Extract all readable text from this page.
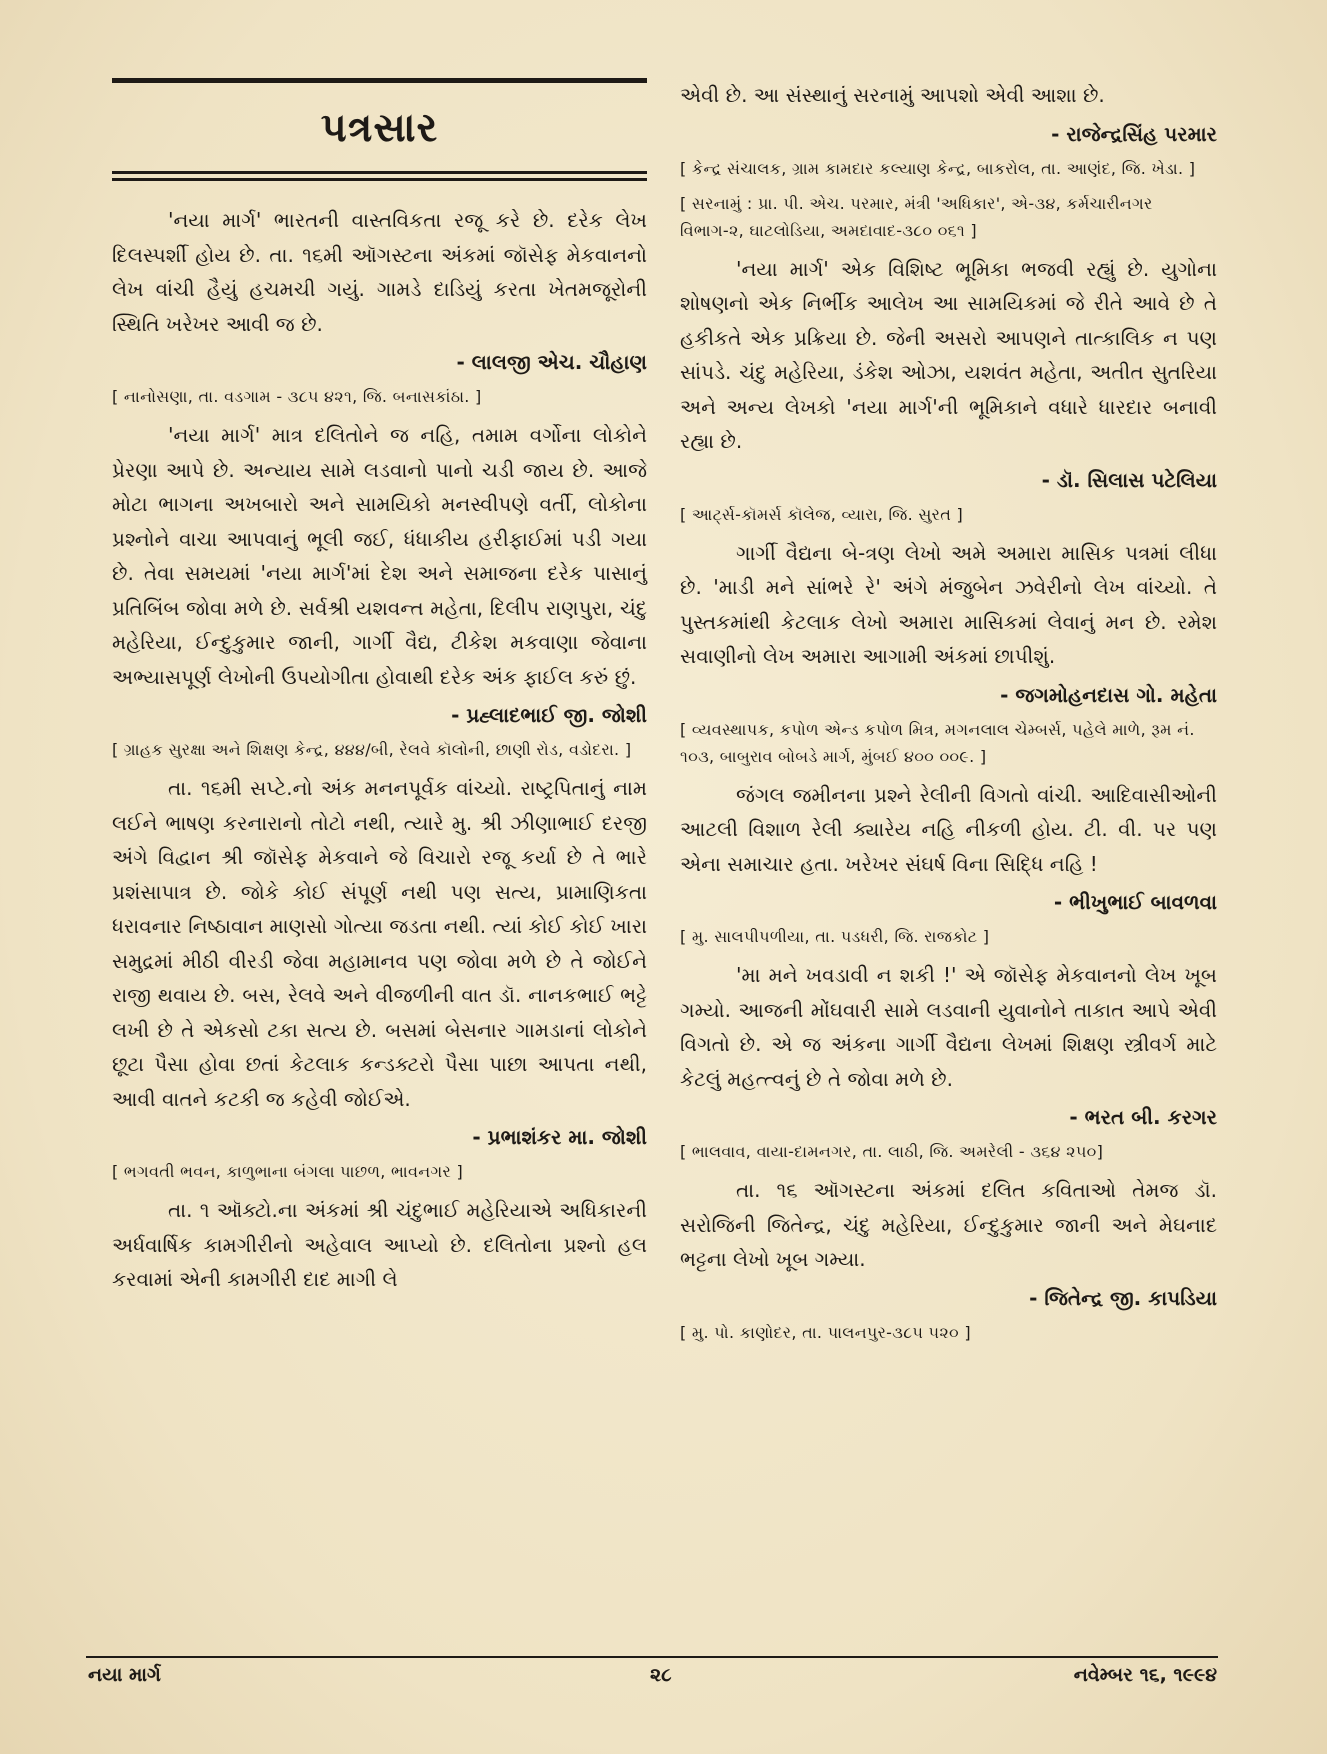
પત્રસાર

'નયા માર્ગ' ભારતની વાસ્તવિકતા રજૂ કરે છે. દરેક લેખ દિલસ્પર્શી હોય છે. તા. ૧૬મી ઑગસ્ટના અંકમાં જૉસેફ મેકવાનનો લેખ વાંચી હૈયું હચમચી ગયું. ગામડે દાડિયું કરતા ખેતમજૂરોની સ્થિતિ ખરેખર આવી જ છે.

- લાલજી એચ. ચૌહાણ
[ નાનોસણા, તા. વડગામ - ૩૮૫ ૪૨૧, જિ. બનાસકાંઠા. ]

'નયા માર્ગ' માત્ર દલિતોને જ નહિ, તમામ વર્ગોના લોકોને પ્રેરણા આપે છે. અન્યાય સામે લડવાનો પાનો ચડી જાય છે. આજે મોટા ભાગના અખબારો અને સામયિકો મનસ્વીપણે વર્તી, લોકોના પ્રશ્નોને વાચા આપવાનું ભૂલી જઈ, ધંધાકીય હરીફાઈમાં પડી ગયા છે. તેવા સમયમાં 'નયા માર્ગ'માં દેશ અને સમાજના દરેક પાસાનું પ્રતિબિંબ જોવા મળે છે. સર્વશ્રી યશવન્ત મહેતા, દિલીપ રાણપુરા, ચંદુ મહેરિયા, ઈન્દુકુમાર જાની, ગાર્ગી વૈદ્ય, ટીકેશ મકવાણા જેવાના અભ્યાસપૂર્ણ લેખોની ઉપયોગીતા હોવાથી દરેક અંક ફાઈલ કરું છું.

- પ્રહ્લાદભાઈ જી. જોશી
[ ગ્રાહક સુરક્ષા અને શિક્ષણ કેન્દ્ર, ૪૪૪/બી, રેલવે કૉલોની, છાણી રોડ, વડોદરા. ]

તા. ૧૬મી સપ્ટે.નો અંક મનનપૂર્વક વાંચ્યો. રાષ્ટ્રપિતાનું નામ લઈને ભાષણ કરનારાનો તોટો નથી, ત્યારે મુ. શ્રી ઝીણાભાઈ દરજી અંગે વિદ્વાન શ્રી જૉસેફ મેકવાને જે વિચારો રજૂ કર્યા છે તે ભારે પ્રશંસાપાત્ર છે. જોકે કોઈ સંપૂર્ણ નથી પણ સત્ય, પ્રામાણિકતા ધરાવનાર નિષ્ઠાવાન માણસો ગોત્યા જડતા નથી. ત્યાં કોઈ કોઈ ખારા સમુદ્રમાં મીઠી વીરડી જેવા મહામાનવ પણ જોવા મળે છે તે જોઈને રાજી થવાય છે. બસ, રેલવે અને વીજળીની વાત ડૉ. નાનકભાઈ ભટ્ટે લખી છે તે એકસો ટકા સત્ય છે. બસમાં બેસનાર ગામડાનાં લોકોને છૂટા પૈસા હોવા છતાં કેટલાક કન્ડક્ટરો પૈસા પાછા આપતા નથી, આવી વાતને કટકી જ કહેવી જોઈએ.

- પ્રભાશંકર મા. જોશી
[ ભગવતી ભવન, કાળુભાના બંગલા પાછળ, ભાવનગર ]

તા. ૧ ઑક્ટો.ના અંકમાં શ્રી ચંદુભાઈ મહેરિયાએ અધિકારની અર્ધવાર્ષિક કામગીરીનો અહેવાલ આપ્યો છે. દલિતોના પ્રશ્નો હલ કરવામાં એની કામગીરી દાદ માગી લે

એવી છે. આ સંસ્થાનું સરનામું આપશો એવી આશા છે.

- રાજેન્દ્રસિંહ પરમાર
[ કેન્દ્ર સંચાલક, ગ્રામ કામદાર કલ્યાણ કેન્દ્ર, બાકરોલ, તા. આણંદ, જિ. ખેડા. ]
[ સરનામું : પ્રા. પી. એચ. પરમાર, મંત્રી 'અધિકાર', એ-૩૪, કર્મચારીનગર વિભાગ-૨, ઘાટલોડિયા, અમદાવાદ-૩૮૦ ૦૬૧ ]

'નયા માર્ગ' એક વિશિષ્ટ ભૂમિકા ભજવી રહ્યું છે. યુગોના શોષણનો એક નિર્ભીક આલેખ આ સામયિકમાં જે રીતે આવે છે તે હકીકતે એક પ્રક્રિયા છે. જેની અસરો આપણને તાત્કાલિક ન પણ સાંપડે. ચંદુ મહેરિયા, ડંકેશ ઓઝા, યશવંત મહેતા, અતીત સુતરિયા અને અન્ય લેખકો 'નયા માર્ગ'ની ભૂમિકાને વધારે ધારદાર બનાવી રહ્યા છે.

- ડૉ. સિલાસ પટેલિયા
[ આર્ટ્સ-કૉમર્સ કૉલેજ, વ્યારા, જિ. સુરત ]

ગાર્ગી વૈદ્યના બે-ત્રણ લેખો અમે અમારા માસિક પત્રમાં લીધા છે. 'માડી મને સાંભરે રે' અંગે મંજુબેન ઝવેરીનો લેખ વાંચ્યો. તે પુસ્તકમાંથી કેટલાક લેખો અમારા માસિકમાં લેવાનું મન છે. રમેશ સવાણીનો લેખ અમારા આગામી અંકમાં છાપીશું.

- જગમોહનદાસ ગો. મહેતા
[ વ્યવસ્થાપક, કપોળ એન્ડ કપોળ મિત્ર, મગનલાલ ચેમ્બર્સ, પહેલે માળે, રૂમ નં. ૧૦૩, બાબુરાવ બોબડે માર્ગ, મુંબઈ ૪૦૦ ૦૦૯. ]

જંગલ જમીનના પ્રશ્ને રેલીની વિગતો વાંચી. આદિવાસીઓની આટલી વિશાળ રેલી ક્યારેય નહિ નીકળી હોય. ટી. વી. પર પણ એના સમાચાર હતા. ખરેખર સંઘર્ષ વિના સિદ્ધિ નહિ !

- ભીખુભાઈ બાવળવા
[ મુ. સાલપીપળીયા, તા. પડધરી, જિ. રાજકોટ ]

'મા મને ખવડાવી ન શકી !' એ જૉસેફ મેકવાનનો લેખ ખૂબ ગમ્યો. આજની મોંઘવારી સામે લડવાની યુવાનોને તાકાત આપે એવી વિગતો છે. એ જ અંકના ગાર્ગી વૈદ્યના લેખમાં શિક્ષણ સ્ત્રીવર્ગ માટે કેટલું મહત્ત્વનું છે તે જોવા મળે છે.

- ભરત બી. કરગર
[ ભાલવાવ, વાયા-દામનગર, તા. લાઠી, જિ. અમરેલી - ૩૬૪ ૨૫૦]

તા. ૧૬ ઑગસ્ટના અંકમાં દલિત કવિતાઓ તેમજ ડૉ. સરોજિની જિતેન્દ્ર, ચંદુ મહેરિયા, ઈન્દુકુમાર જાની અને મેઘનાદ ભટ્ટના લેખો ખૂબ ગમ્યા.

- જિતેન્દ્ર જી. કાપડિયા
[ મુ. પો. કાણોદર, તા. પાલનપુર-૩૮૫ ૫૨૦ ]
નયા માર્ગ	૨૮	નવેમ્બર ૧૬, ૧૯૯૪
